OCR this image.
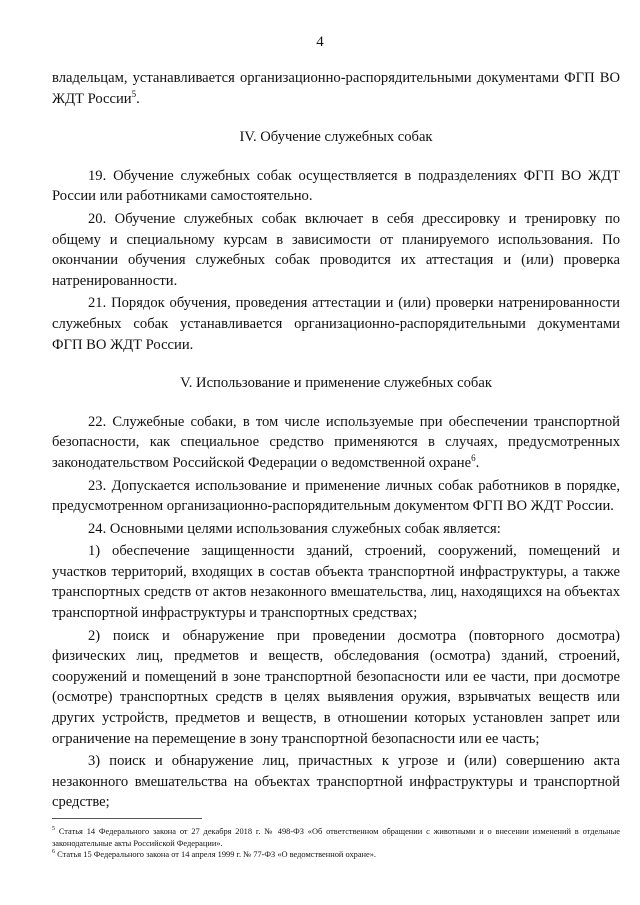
4

владельцам, устанавливается организационно-распорядительными документами ФГП ВО ЖДТ России$^5$.

IV. Обучение служебных собак

19. Обучение служебных собак осуществляется в подразделениях ФГП ВО ЖДТ России или работниками самостоятельно.

20. Обучение служебных собак включает в себя дрессировку и тренировку по общему и специальному курсам в зависимости от планируемого использования. По окончании обучения служебных собак проводится их аттестация и (или) проверка натренированности.

21. Порядок обучения, проведения аттестации и (или) проверки натренированности служебных собак устанавливается организационно-распорядительными документами ФГП ВО ЖДТ России.

V. Использование и применение служебных собак

22. Служебные собаки, в том числе используемые при обеспечении транспортной безопасности, как специальное средство применяются в случаях, предусмотренных законодательством Российской Федерации о ведомственной охране$^6$.

23. Допускается использование и применение личных собак работников в порядке, предусмотренном организационно-распорядительным документом ФГП ВО ЖДТ России.

24. Основными целями использования служебных собак является:

1) обеспечение защищенности зданий, строений, сооружений, помещений и участков территорий, входящих в состав объекта транспортной инфраструктуры, а также транспортных средств от актов незаконного вмешательства, лиц, находящихся на объектах транспортной инфраструктуры и транспортных средствах;

2) поиск и обнаружение при проведении досмотра (повторного досмотра) физических лиц, предметов и веществ, обследования (осмотра) зданий, строений, сооружений и помещений в зоне транспортной безопасности или ее части, при досмотре (осмотре) транспортных средств в целях выявления оружия, взрывчатых веществ или других устройств, предметов и веществ, в отношении которых установлен запрет или ограничение на перемещение в зону транспортной безопасности или ее часть;

3) поиск и обнаружение лиц, причастных к угрозе и (или) совершению акта незаконного вмешательства на объектах транспортной инфраструктуры и транспортной средстве;

$^5$ Статья 14 Федерального закона от 27 декабря 2018 г. № 498-ФЗ «Об ответственном обращении с животными и о внесении изменений в отдельные законодательные акты Российской Федерации».

$^6$ Статья 15 Федерального закона от 14 апреля 1999 г. № 77-ФЗ «О ведомственной охране».
